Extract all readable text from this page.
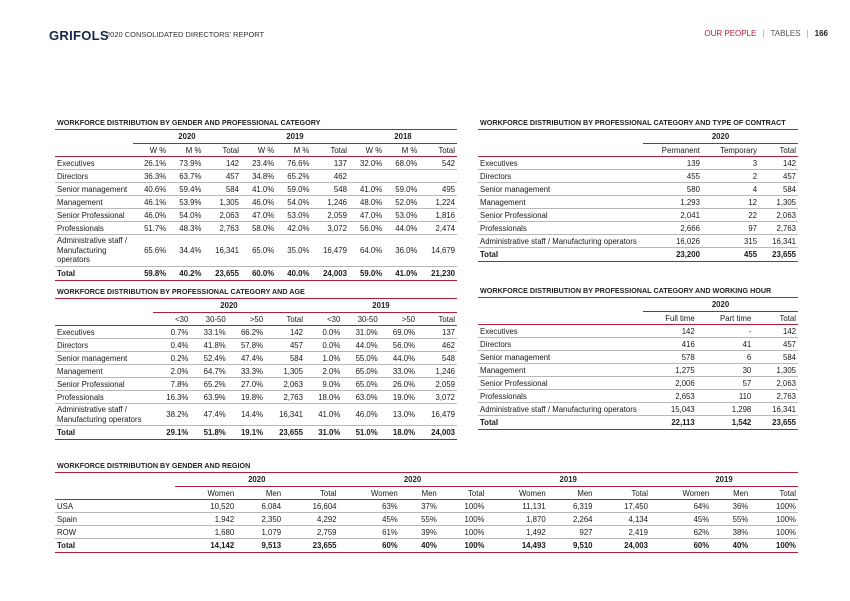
GRIFOLS
2020 CONSOLIDATED DIRECTORS' REPORT	OUR PEOPLE | TABLES | 166
WORKFORCE DISTRIBUTION BY GENDER AND PROFESSIONAL CATEGORY
	2020			2019			2018		
	W %	M %	Total	W %	M %	Total	W %	M %	Total
Executives	26.1%	73.9%	142	23.4%	76.6%	137	32.0%	68.0%	542
Directors	36.3%	63.7%	457	34.8%	65.2%	462			
Senior management	40.6%	59.4%	584	41.0%	59.0%	548	41.0%	59.0%	495
Management	46.1%	53.9%	1,305	46.0%	54.0%	1,246	48.0%	52.0%	1,224
Senior Professional	46.0%	54.0%	2,063	47.0%	53.0%	2,059	47.0%	53.0%	1,816
Professionals	51.7%	48.3%	2,763	58.0%	42.0%	3,072	56.0%	44.0%	2,474
Administrative staff / Manufacturing operators	65.6%	34.4%	16,341	65.0%	35.0%	16,479	64.0%	36.0%	14,679
Total	59.8%	40.2%	23,655	60.0%	40.0%	24,003	59.0%	41.0%	21,230
WORKFORCE DISTRIBUTION BY PROFESSIONAL CATEGORY AND TYPE OF CONTRACT
	2020		
	Permanent	Temporary	Total
Executives	139	3	142
Directors	455	2	457
Senior management	580	4	584
Management	1,293	12	1,305
Senior Professional	2,041	22	2,063
Professionals	2,666	97	2,763
Administrative staff / Manufacturing operators	16,026	315	16,341
Total	23,200	455	23,655
WORKFORCE DISTRIBUTION BY PROFESSIONAL CATEGORY AND AGE
	2020				2019			
	<30	30-50	>50	Total	<30	30-50	>50	Total
Executives	0.7%	33.1%	66.2%	142	0.0%	31.0%	69.0%	137
Directors	0.4%	41.8%	57.8%	457	0.0%	44.0%	56.0%	462
Senior management	0.2%	52.4%	47.4%	584	1.0%	55.0%	44.0%	548
Management	2.0%	64.7%	33.3%	1,305	2.0%	65.0%	33.0%	1,246
Senior Professional	7.8%	65.2%	27.0%	2,063	9.0%	65.0%	26.0%	2,059
Professionals	16.3%	63.9%	19.8%	2,763	18.0%	63.0%	19.0%	3,072
Administrative staff / Manufacturing operators	38.2%	47.4%	14.4%	16,341	41.0%	46.0%	13.0%	16,479
Total	29.1%	51.8%	19.1%	23,655	31.0%	51.0%	18.0%	24,003
WORKFORCE DISTRIBUTION BY PROFESSIONAL CATEGORY AND WORKING HOUR
	2020		
	Full time	Part time	Total
Executives	142	-	142
Directors	416	41	457
Senior management	578	6	584
Management	1,275	30	1,305
Senior Professional	2,006	57	2,063
Professionals	2,653	110	2,763
Administrative staff / Manufacturing operators	15,043	1,298	16,341
Total	22,113	1,542	23,655
WORKFORCE DISTRIBUTION BY GENDER AND REGION
	2020			2020			2019			2019		
	Women	Men	Total	Women	Men	Total	Women	Men	Total	Women	Men	Total
USA	10,520	6,084	16,604	63%	37%	100%	11,131	6,319	17,450	64%	36%	100%
Spain	1,942	2,350	4,292	45%	55%	100%	1,870	2,264	4,134	45%	55%	100%
ROW	1,680	1,079	2,759	61%	39%	100%	1,492	927	2,419	62%	38%	100%
Total	14,142	9,513	23,655	60%	40%	100%	14,493	9,510	24,003	60%	40%	100%
